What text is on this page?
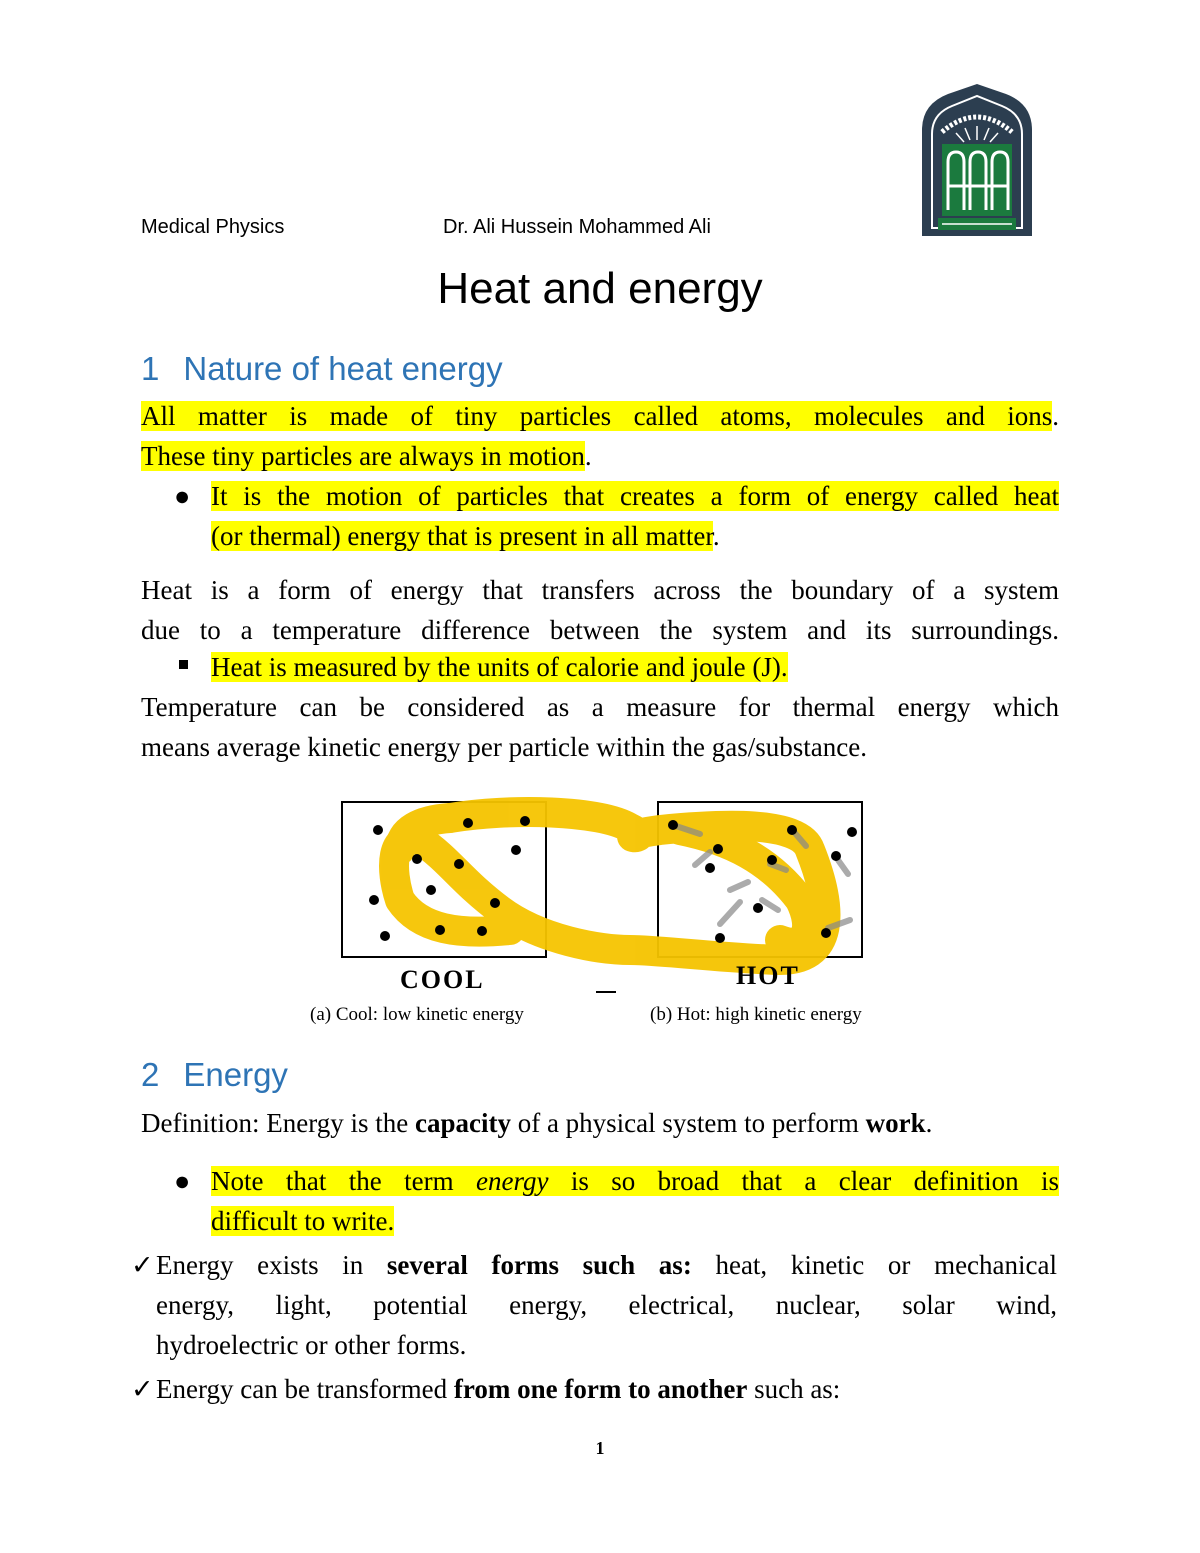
Medical Physics	Dr. Ali Hussein Mohammed Ali
Heat and energy
1 Nature of heat energy
All matter is made of tiny particles called atoms, molecules and ions.
These tiny particles are always in motion.
● It is the motion of particles that creates a form of energy called heat
(or thermal) energy that is present in all matter.
Heat is a form of energy that transfers across the boundary of a system
due to a temperature difference between the system and its surroundings.
Heat is measured by the units of calorie and joule (J).
Temperature can be considered as a measure for thermal energy which
means average kinetic energy per particle within the gas/substance.
COOL	HOT
(a) Cool: low kinetic energy	(b) Hot: high kinetic energy
2 Energy
Definition: Energy is the capacity of a physical system to perform work.
● Note that the term energy is so broad that a clear definition is
difficult to write.
✓ Energy exists in several forms such as: heat, kinetic or mechanical
energy, light, potential energy, electrical, nuclear, solar wind,
hydroelectric or other forms.
✓ Energy can be transformed from one form to another such as:
1
